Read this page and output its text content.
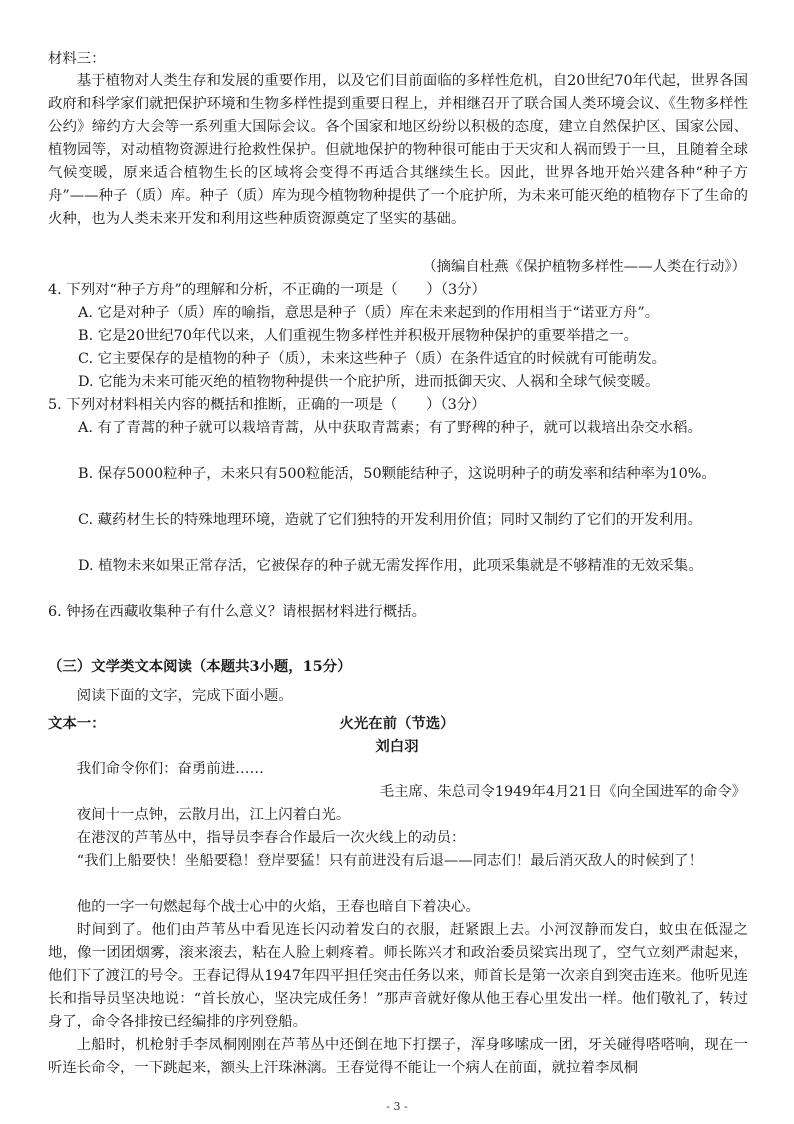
材料三：

基于植物对人类生存和发展的重要作用，以及它们目前面临的多样性危机，自20世纪70年代起，世界各国政府和科学家们就把保护环境和生物多样性提到重要日程上，并相继召开了联合国人类环境会议、《生物多样性公约》缔约方大会等一系列重大国际会议。各个国家和地区纷纷以积极的态度，建立自然保护区、国家公园、植物园等，对动植物资源进行抢救性保护。但就地保护的物种很可能由于天灾和人祸而毁于一旦，且随着全球气候变暖，原来适合植物生长的区域将会变得不再适合其继续生长。因此，世界各地开始兴建各种“种子方舟”——种子（质）库。种子（质）库为现今植物物种提供了一个庇护所，为未来可能灭绝的植物存下了生命的火种，也为人类未来开发和利用这些种质资源奠定了坚实的基础。

（摘编自杜燕《保护植物多样性——人类在行动》）

4. 下列对“种子方舟”的理解和分析，不正确的一项是（　　）（3分）

A. 它是对种子（质）库的喻指，意思是种子（质）库在未来起到的作用相当于“诺亚方舟”。

B. 它是20世纪70年代以来，人们重视生物多样性并积极开展物种保护的重要举措之一。

C. 它主要保存的是植物的种子（质），未来这些种子（质）在条件适宜的时候就有可能萌发。

D. 它能为未来可能灭绝的植物物种提供一个庇护所，进而抵御天灾、人祸和全球气候变暖。

5. 下列对材料相关内容的概括和推断，正确的一项是（　　）（3分）

A. 有了青蒿的种子就可以栽培青蒿，从中获取青蒿素；有了野稗的种子，就可以栽培出杂交水稻。

B. 保存5000粒种子，未来只有500粒能活，50颗能结种子，这说明种子的萌发率和结种率为10%。

C. 藏药材生长的特殊地理环境，造就了它们独特的开发利用价值；同时又制约了它们的开发利用。

D. 植物未来如果正常存活，它被保存的种子就无需发挥作用，此项采集就是不够精准的无效采集。

6. 钟扬在西藏收集种子有什么意义？请根据材料进行概括。

（三）文学类文本阅读（本题共3小题，15分）

阅读下面的文字，完成下面小题。

文本一：	火光在前（节选）

刘白羽

我们命令你们：奋勇前进……

毛主席、朱总司令1949年4月21日《向全国进军的命令》

夜间十一点钟，云散月出，江上闪着白光。

在港汊的芦苇丛中，指导员李春合作最后一次火线上的动员：

“我们上船要快！坐船要稳！登岸要猛！只有前进没有后退——同志们！最后消灭敌人的时候到了！

他的一字一句燃起每个战士心中的火焰，王春也暗自下着决心。

时间到了。他们由芦苇丛中看见连长闪动着发白的衣服，赶紧跟上去。小河汊静而发白，蚊虫在低湿之地，像一团团烟雾，滚来滚去，粘在人脸上刺疼着。师长陈兴才和政治委员梁宾出现了，空气立刻严肃起来，他们下了渡江的号令。王春记得从1947年四平担任突击任务以来，师首长是第一次亲自到突击连来。他听见连长和指导员坚决地说：“首长放心，坚决完成任务！”那声音就好像从他王春心里发出一样。他们敬礼了，转过身了，命令各排按已经编排的序列登船。

上船时，机枪射手李凤桐刚刚在芦苇丛中还倒在地下打摆子，浑身哆嗦成一团，牙关碰得嗒嗒响，现在一听连长命令，一下跳起来，额头上汗珠淋漓。王春觉得不能让一个病人在前面，就拉着李凤桐

- 3 -
